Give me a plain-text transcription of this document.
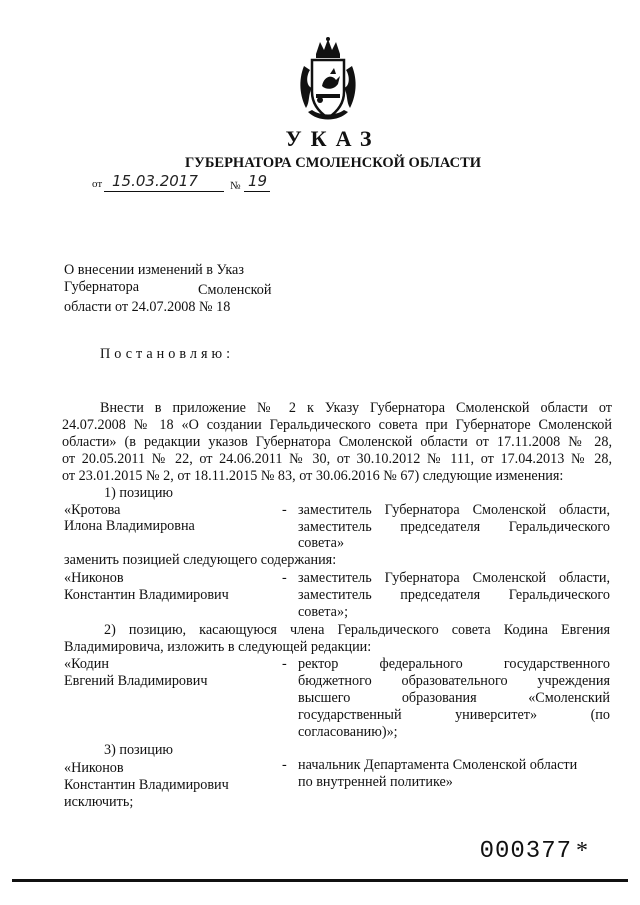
УКАЗ
ГУБЕРНАТОРА СМОЛЕНСКОЙ ОБЛАСТИ
от 15.03.2017	№ 19
О внесении изменений в Указ
Губернатора	Смоленской
области от 24.07.2008 № 18
Постановляю:
Внести в приложение № 2 к Указу Губернатора Смоленской области от
24.07.2008 № 18 «О создании Геральдического совета при Губернаторе Смоленской
области» (в редакции указов Губернатора Смоленской области от 17.11.2008 № 28,
от 20.05.2011 № 22, от 24.06.2011 № 30, от 30.10.2012 № 111, от 17.04.2013 № 28,
от 23.01.2015 № 2, от 18.11.2015 № 83, от 30.06.2016 № 67) следующие изменения:
1) позицию
«Кротова
Илона Владимировна
- заместитель Губернатора Смоленской области,
заместитель председателя Геральдического
совета»
заменить позицией следующего содержания:
«Никонов
Константин Владимирович
- заместитель Губернатора Смоленской области,
заместитель председателя Геральдического
совета»;
2) позицию, касающуюся члена Геральдического совета Кодина Евгения
Владимировича, изложить в следующей редакции:
«Кодин
Евгений Владимирович
- ректор федерального государственного
бюджетного образовательного учреждения
высшего образования «Смоленский
государственный университет» (по
согласованию)»;
3) позицию
«Никонов
Константин Владимирович
- начальник Департамента Смоленской области
по внутренней политике»
исключить;
000377 *
